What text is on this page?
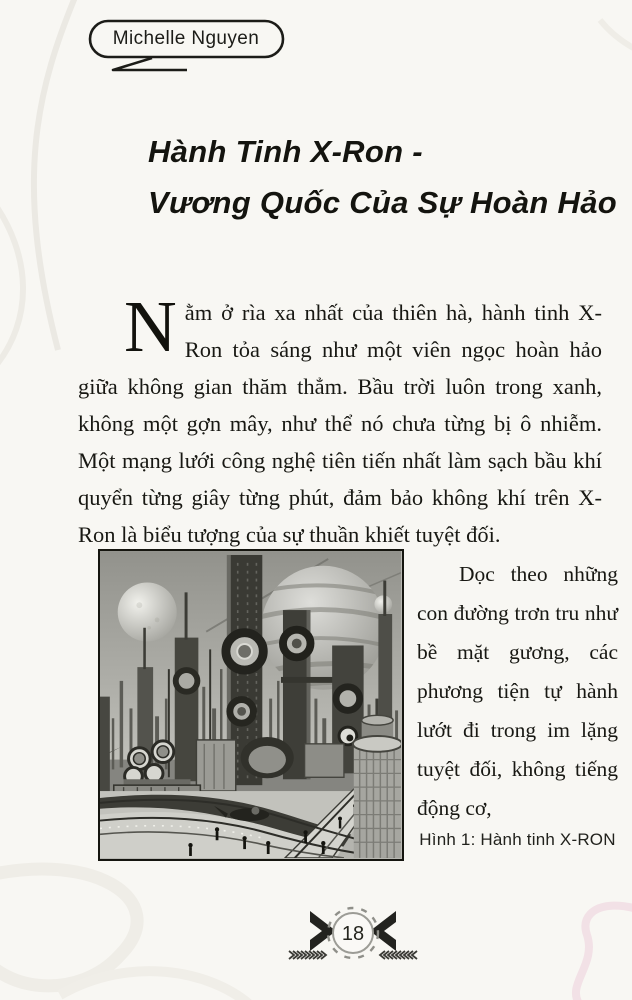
Michelle Nguyen
Hành Tinh X-Ron -
Vương Quốc Của Sự Hoàn Hảo

Nằm ở rìa xa nhất của thiên hà, hành tinh X-Ron tỏa sáng như một viên ngọc hoàn hảo giữa không gian thăm thẳm. Bầu trời luôn trong xanh, không một gợn mây, như thể nó chưa từng bị ô nhiễm. Một mạng lưới công nghệ tiên tiến nhất làm sạch bầu khí quyển từng giây từng phút, đảm bảo không khí trên X-Ron là biểu tượng của sự thuần khiết tuyệt đối.

Dọc theo những con đường trơn tru như bề mặt gương, các phương tiện tự hành lướt đi trong im lặng tuyệt đối, không tiếng động cơ,

Hình 1: Hành tinh X-RON
18
